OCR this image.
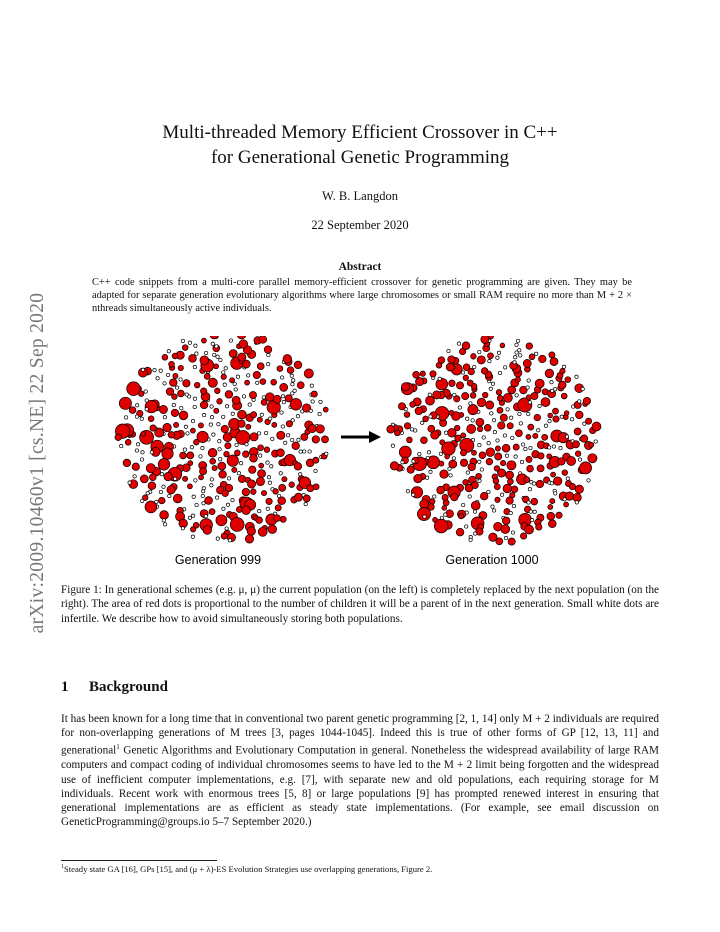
arXiv:2009.10460v1 [cs.NE] 22 Sep 2020
Multi-threaded Memory Efficient Crossover in C++
for Generational Genetic Programming
W. B. Langdon
22 September 2020
Abstract
C++ code snippets from a multi-core parallel memory-efficient crossover for genetic programming are given. They may be adapted for separate generation evolutionary algorithms where large chromosomes or small RAM require no more than M + 2 × nthreads simultaneously active individuals.
Generation 999	Generation 1000
Figure 1: In generational schemes (e.g. μ, μ) the current population (on the left) is completely replaced by the next population (on the right). The area of red dots is proportional to the number of children it will be a parent of in the next generation. Small white dots are infertile. We describe how to avoid simultaneously storing both populations.
1 Background
It has been known for a long time that in conventional two parent genetic programming [2, 1, 14] only M + 2 individuals are required for non-overlapping generations of M trees [3, pages 1044-1045]. Indeed this is true of other forms of GP [12, 13, 11] and generational$^1$ Genetic Algorithms and Evolutionary Computation in general. Nonetheless the widespread availability of large RAM computers and compact coding of individual chromosomes seems to have led to the M + 2 limit being forgotten and the widespread use of inefficient computer implementations, e.g. [7], with separate new and old populations, each requiring storage for M individuals. Recent work with enormous trees [5, 8] or large populations [9] has prompted renewed interest in ensuring that generational implementations are as efficient as steady state implementations. (For example, see email discussion on GeneticProgramming@groups.io 5–7 September 2020.)
$^1$Steady state GA [16], GPs [15], and (μ + λ)-ES Evolution Strategies use overlapping generations, Figure 2.
